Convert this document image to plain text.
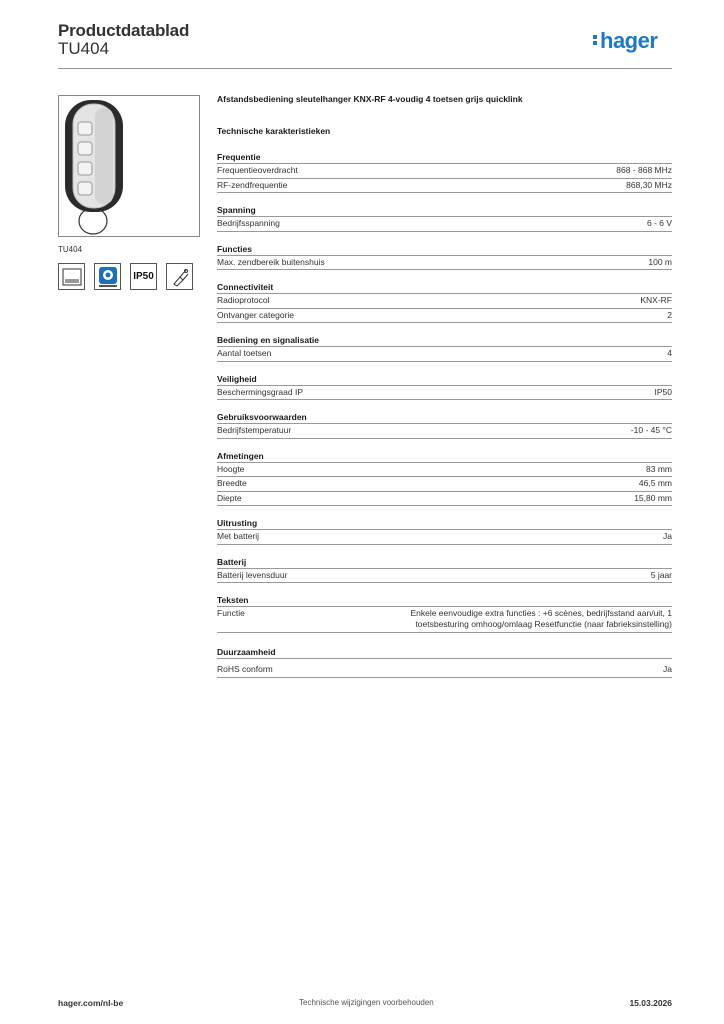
Productdatablad
TU404	hager
TU404
IP50
Afstandsbediening sleutelhanger KNX-RF 4-voudig 4 toetsen grijs quicklink
Technische karakteristieken
Frequentie
Frequentieoverdracht	868 - 868 MHz
RF-zendfrequentie	868,30 MHz
Spanning
Bedrijfsspanning	6 - 6 V
Functies
Max. zendbereik buitenshuis	100 m
Connectiviteit
Radioprotocol	KNX-RF
Ontvanger categorie	2
Bediening en signalisatie
Aantal toetsen	4
Veiligheid
Beschermingsgraad IP	IP50
Gebruiksvoorwaarden
Bedrijfstemperatuur	-10 - 45 °C
Afmetingen
Hoogte	83 mm
Breedte	46,5 mm
Diepte	15,80 mm
Uitrusting
Met batterij	Ja
Batterij
Batterij levensduur	5 jaar
Teksten
Functie	Enkele eenvoudige extra functies : +6 scènes, bedrijfsstand aan/uit, 1 toetsbesturing omhoog/omlaag Resetfunctie (naar fabrieksinstelling)
Duurzaamheid
RoHS conform	Ja
hager.com/nl-be	Technische wijzigingen voorbehouden	15.03.2026
